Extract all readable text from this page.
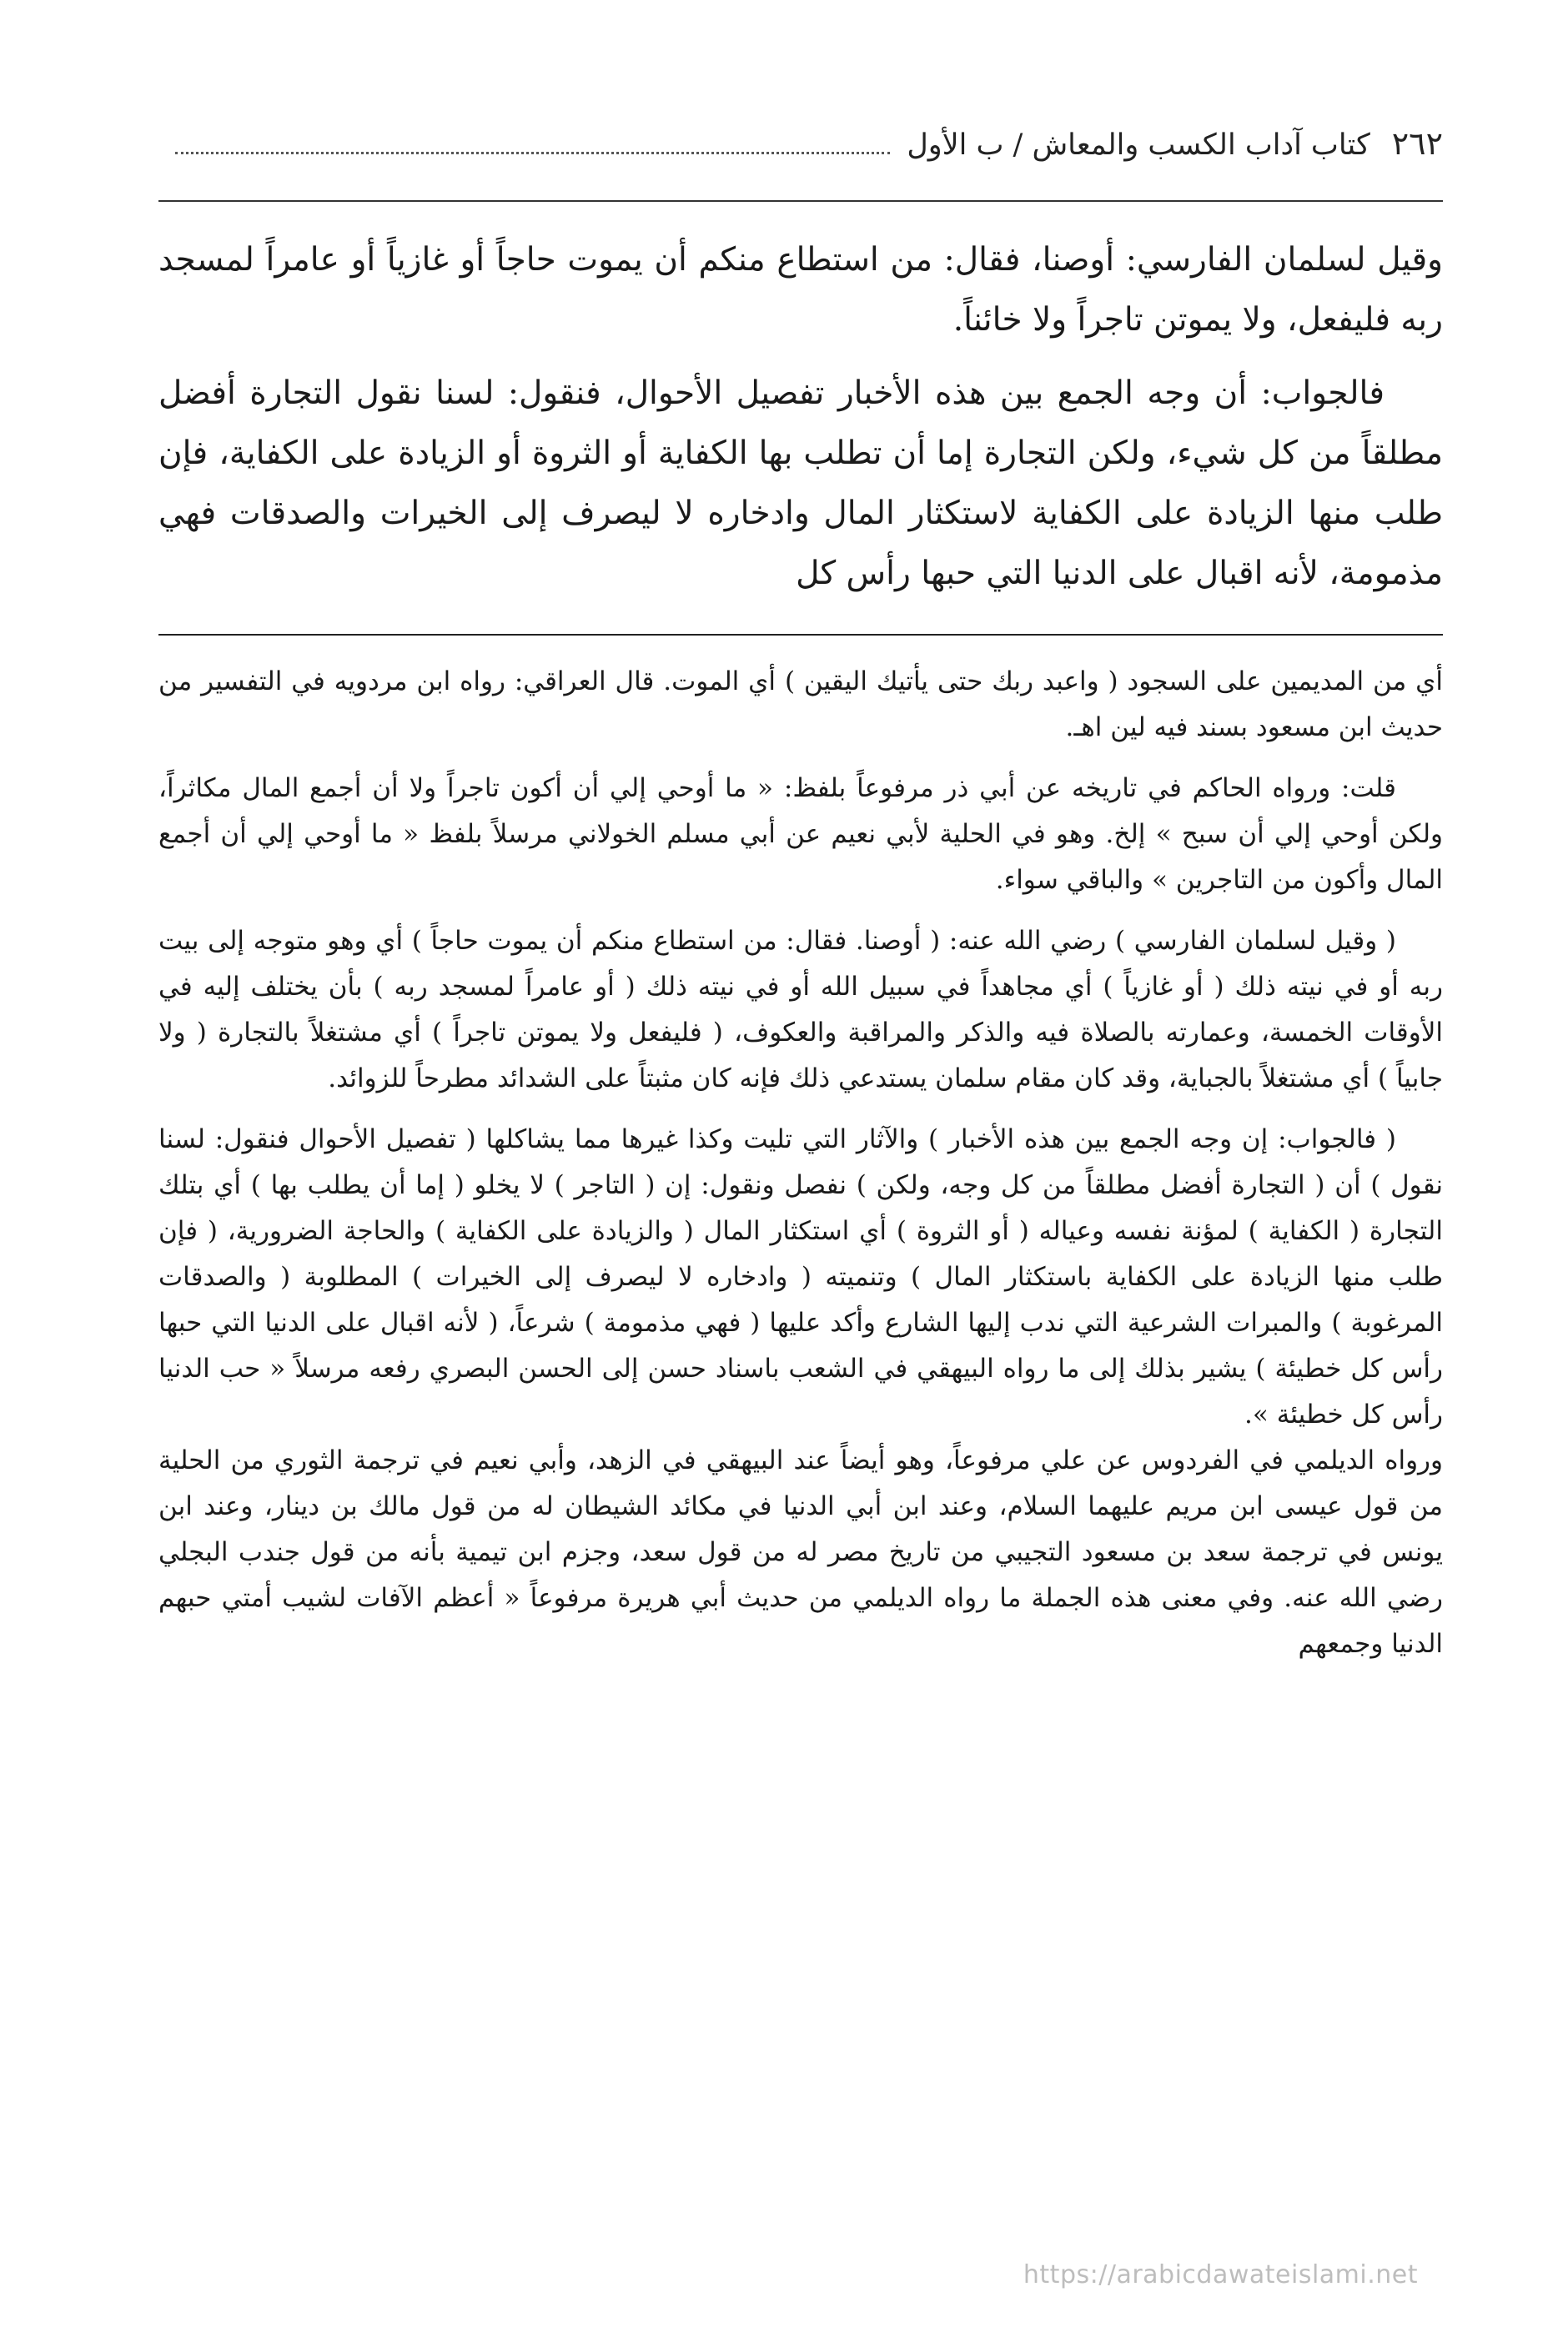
٢٦٢
كتاب آداب الكسب والمعاش / ب الأول

وقيل لسلمان الفارسي: أوصنا، فقال: من استطاع منكم أن يموت حاجاً أو غازياً أو عامراً لمسجد ربه فليفعل، ولا يموتن تاجراً ولا خائناً.

فالجواب: أن وجه الجمع بين هذه الأخبار تفصيل الأحوال، فنقول: لسنا نقول التجارة أفضل مطلقاً من كل شيء، ولكن التجارة إما أن تطلب بها الكفاية أو الثروة أو الزيادة على الكفاية، فإن طلب منها الزيادة على الكفاية لاستكثار المال وادخاره لا ليصرف إلى الخيرات والصدقات فهي مذمومة، لأنه اقبال على الدنيا التي حبها رأس كل

أي من المديمين على السجود ( واعبد ربك حتى يأتيك اليقين ) أي الموت. قال العراقي: رواه ابن مردويه في التفسير من حديث ابن مسعود بسند فيه لين اهـ.

قلت: ورواه الحاكم في تاريخه عن أبي ذر مرفوعاً بلفظ: « ما أوحي إلي أن أكون تاجراً ولا أن أجمع المال مكاثراً، ولكن أوحي إلي أن سبح » إلخ. وهو في الحلية لأبي نعيم عن أبي مسلم الخولاني مرسلاً بلفظ « ما أوحي إلي أن أجمع المال وأكون من التاجرين » والباقي سواء.

( وقيل لسلمان الفارسي ) رضي الله عنه: ( أوصنا. فقال: من استطاع منكم أن يموت حاجاً ) أي وهو متوجه إلى بيت ربه أو في نيته ذلك ( أو غازياً ) أي مجاهداً في سبيل الله أو في نيته ذلك ( أو عامراً لمسجد ربه ) بأن يختلف إليه في الأوقات الخمسة، وعمارته بالصلاة فيه والذكر والمراقبة والعكوف، ( فليفعل ولا يموتن تاجراً ) أي مشتغلاً بالتجارة ( ولا جابياً ) أي مشتغلاً بالجباية، وقد كان مقام سلمان يستدعي ذلك فإنه كان مثبتاً على الشدائد مطرحاً للزوائد.

( فالجواب: إن وجه الجمع بين هذه الأخبار ) والآثار التي تليت وكذا غيرها مما يشاكلها ( تفصيل الأحوال فنقول: لسنا نقول ) أن ( التجارة أفضل مطلقاً من كل وجه، ولكن ) نفصل ونقول: إن ( التاجر ) لا يخلو ( إما أن يطلب بها ) أي بتلك التجارة ( الكفاية ) لمؤنة نفسه وعياله ( أو الثروة ) أي استكثار المال ( والزيادة على الكفاية ) والحاجة الضرورية، ( فإن طلب منها الزيادة على الكفاية باستكثار المال ) وتنميته ( وادخاره لا ليصرف إلى الخيرات ) المطلوبة ( والصدقات المرغوبة ) والمبرات الشرعية التي ندب إليها الشارع وأكد عليها ( فهي مذمومة ) شرعاً، ( لأنه اقبال على الدنيا التي حبها رأس كل خطيئة ) يشير بذلك إلى ما رواه البيهقي في الشعب باسناد حسن إلى الحسن البصري رفعه مرسلاً « حب الدنيا رأس كل خطيئة ».

ورواه الديلمي في الفردوس عن علي مرفوعاً، وهو أيضاً عند البيهقي في الزهد، وأبي نعيم في ترجمة الثوري من الحلية من قول عيسى ابن مريم عليهما السلام، وعند ابن أبي الدنيا في مكائد الشيطان له من قول مالك بن دينار، وعند ابن يونس في ترجمة سعد بن مسعود التجيبي من تاريخ مصر له من قول سعد، وجزم ابن تيمية بأنه من قول جندب البجلي رضي الله عنه. وفي معنى هذه الجملة ما رواه الديلمي من حديث أبي هريرة مرفوعاً « أعظم الآفات لشيب أمتي حبهم الدنيا وجمعهم

https://arabicdawateislami.net
